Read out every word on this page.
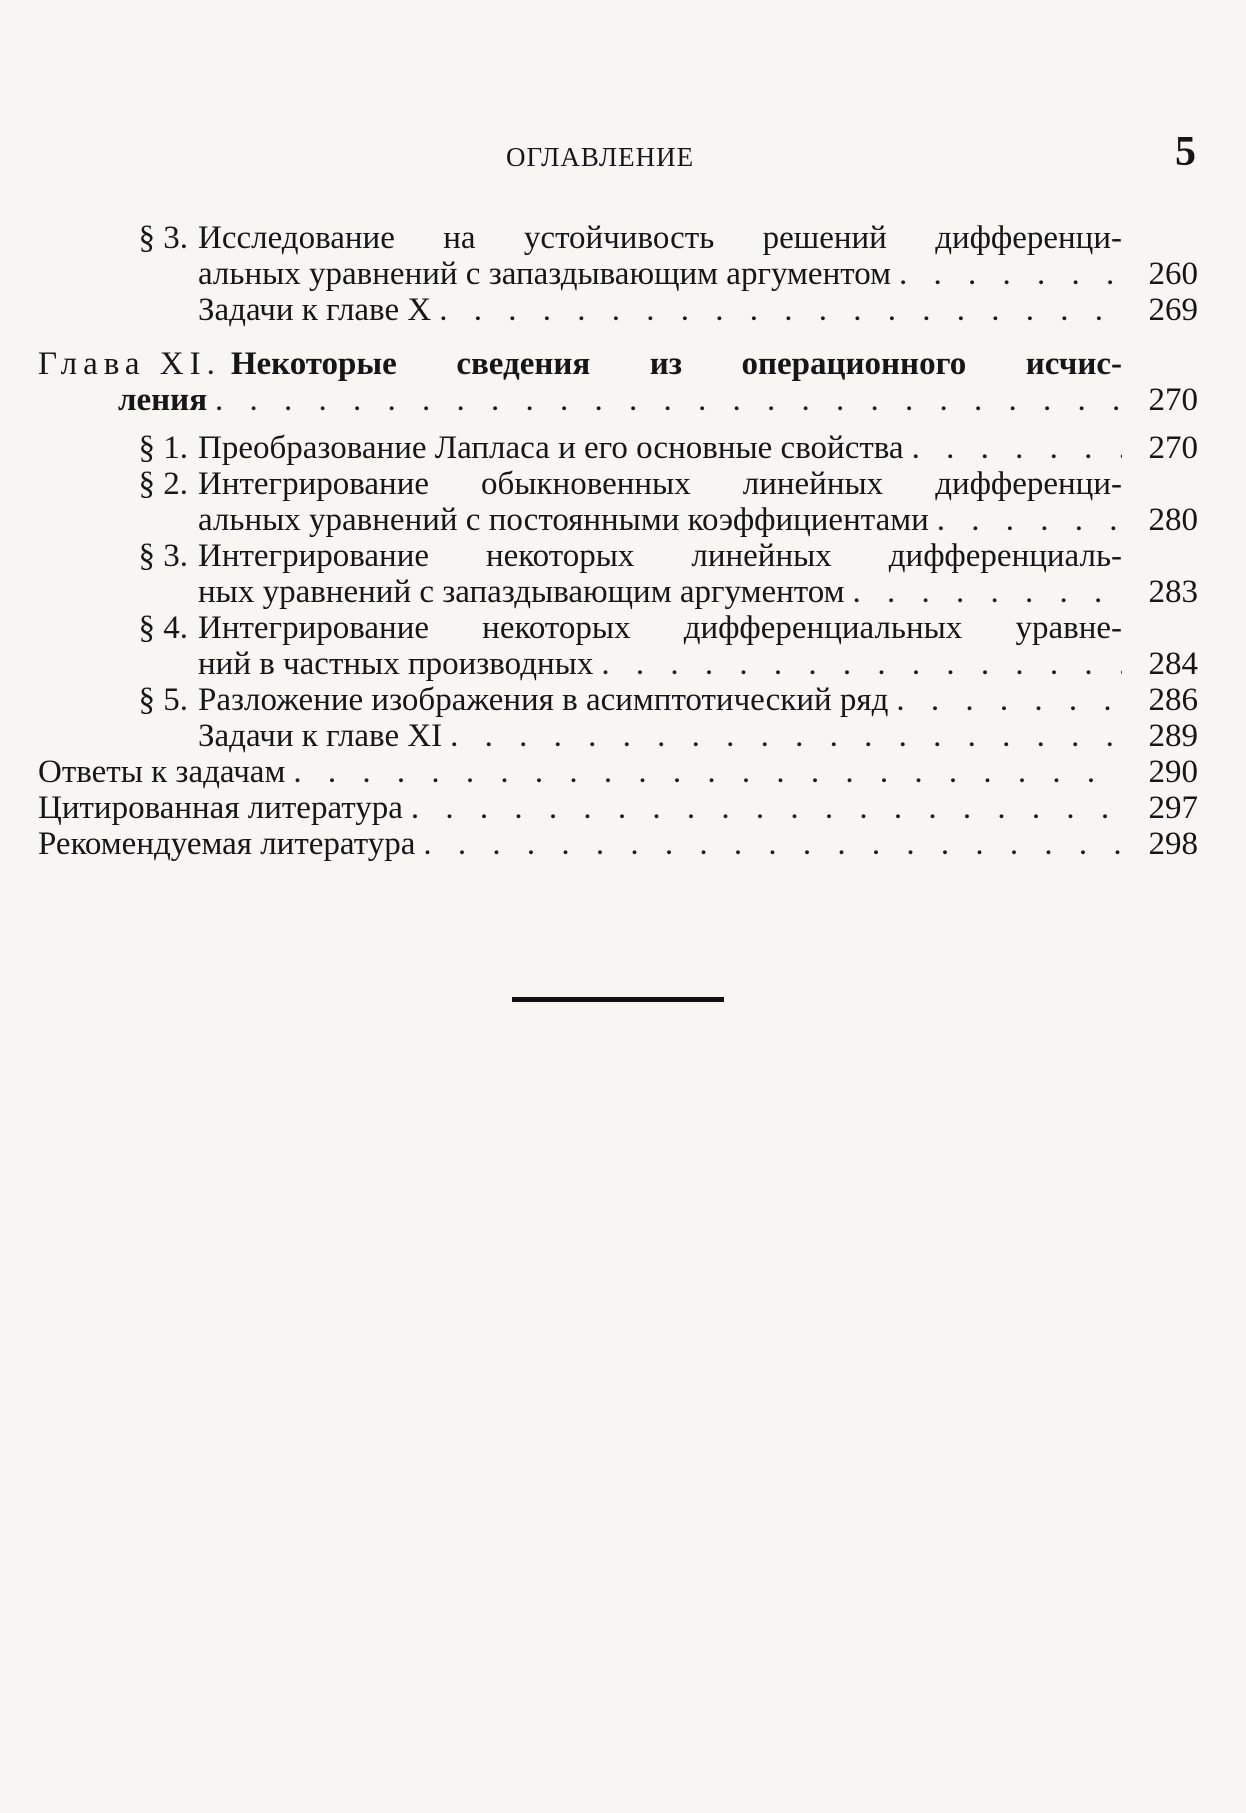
ОГЛАВЛЕНИЕ	5
§ 3. Исследование на устойчивость решений дифференци-
альных уравнений с запаздывающим аргументом . . .	260
Задачи к главе X . . .	269
Глава XI. Некоторые сведения из операционного исчис-
ления . . .	270
§ 1. Преобразование Лапласа и его основные свойства . . .	270
§ 2. Интегрирование обыкновенных линейных дифференци-
альных уравнений с постоянными коэффициентами . . .	280
§ 3. Интегрирование некоторых линейных дифференциаль-
ных уравнений с запаздывающим аргументом . . .	283
§ 4. Интегрирование некоторых дифференциальных уравне-
ний в частных производных . . .	284
§ 5. Разложение изображения в асимптотический ряд . . .	286
Задачи к главе XI . . .	289
Ответы к задачам . . .	290
Цитированная литература . . .	297
Рекомендуемая литература . . .	298
